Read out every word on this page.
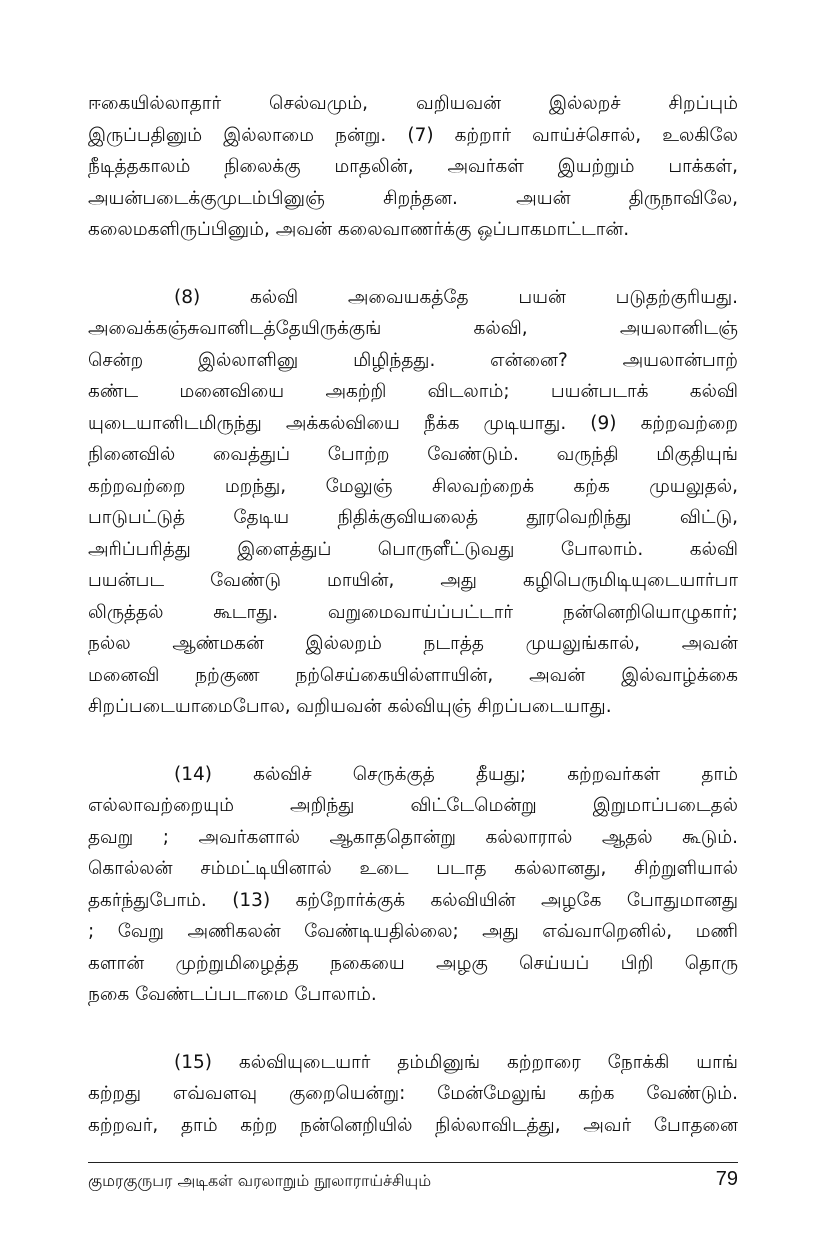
ஈகையில்லாதார் செல்வமும், வறியவன் இல்லறச் சிறப்பும்
இருப்பதினும் இல்லாமை நன்று. (7) கற்றார் வாய்ச்சொல், உலகிலே
நீடித்தகாலம் நிலைக்கு மாதலின், அவர்கள் இயற்றும் பாக்கள்,
அயன்படைக்குமுடம்பினுஞ் சிறந்தன. அயன் திருநாவிலே,
கலைமகளிருப்பினும், அவன் கலைவாணர்க்கு ஒப்பாகமாட்டான்.
(8) கல்வி அவையகத்தே பயன் படுதற்குரியது.
அவைக்கஞ்சுவானிடத்தேயிருக்குங் கல்வி, அயலானிடஞ்
சென்ற இல்லாளினு மிழிந்தது. என்னை? அயலான்பாற்
கண்ட மனைவியை அகற்றி விடலாம்; பயன்படாக் கல்வி
யுடையானிடமிருந்து அக்கல்வியை நீக்க முடியாது. (9) கற்றவற்றை
நினைவில் வைத்துப் போற்ற வேண்டும். வருந்தி மிகுதியுங்
கற்றவற்றை மறந்து, மேலுஞ் சிலவற்றைக் கற்க முயலுதல்,
பாடுபட்டுத் தேடிய நிதிக்குவியலைத் தூரவெறிந்து விட்டு,
அரிப்பரித்து இளைத்துப் பொருளீட்டுவது போலாம். கல்வி
பயன்பட வேண்டு மாயின், அது கழிபெருமிடியுடையார்பா
லிருத்தல் கூடாது. வறுமைவாய்ப்பட்டார் நன்னெறியொழுகார்;
நல்ல ஆண்மகன் இல்லறம் நடாத்த முயலுங்கால், அவன்
மனைவி நற்குண நற்செய்கையில்ளாயின், அவன் இல்வாழ்க்கை
சிறப்படையாமைபோல, வறியவன் கல்வியுஞ் சிறப்படையாது.
(14) கல்விச் செருக்குத் தீயது; கற்றவர்கள் தாம்
எல்லாவற்றையும் அறிந்து விட்டேமென்று இறுமாப்படைதல்
தவறு ; அவர்களால் ஆகாததொன்று கல்லாரால் ஆதல் கூடும்.
கொல்லன் சம்மட்டியினால் உடை படாத கல்லானது, சிற்றுளியால்
தகர்ந்துபோம். (13) கற்றோர்க்குக் கல்வியின் அழகே போதுமானது
; வேறு அணிகலன் வேண்டியதில்லை; அது எவ்வாறெனில், மணி
களான் முற்றுமிழைத்த நகையை அழகு செய்யப் பிறி தொரு
நகை வேண்டப்படாமை போலாம்.
(15) கல்வியுடையார் தம்மினுங் கற்றாரை நோக்கி யாங்
கற்றது எவ்வளவு குறையென்று: மேன்மேலுங் கற்க வேண்டும்.
கற்றவர், தாம் கற்ற நன்னெறியில் நில்லாவிடத்து, அவர் போதனை
குமரகுருபர அடிகள் வரலாறும் நூலாராய்ச்சியும்	79
